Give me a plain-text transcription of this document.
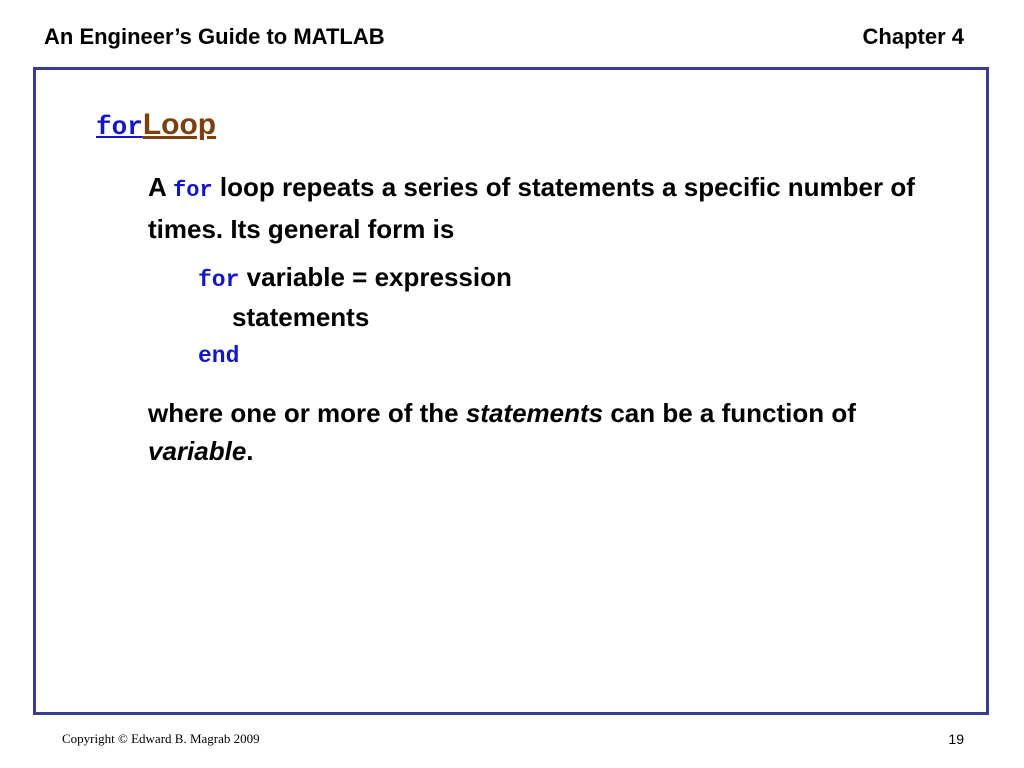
An Engineer’s Guide to MATLAB	Chapter 4
forLoop
A for loop repeats a series of statements a specific number of times. Its general form is
for variable = expression
statements
end
where one or more of the statements can be a function of variable.
Copyright © Edward B. Magrab 2009	19
